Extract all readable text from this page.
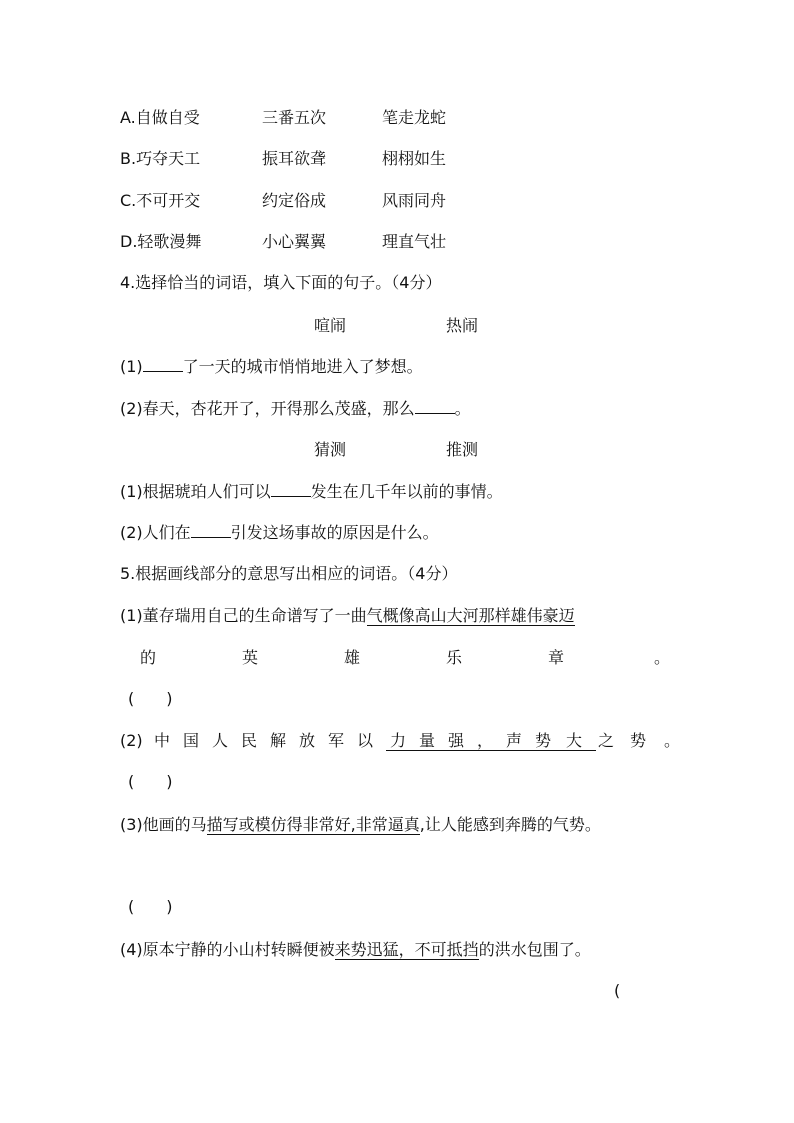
A.自做自受	三番五次	笔走龙蛇
B.巧夺天工	振耳欲聋	栩栩如生
C.不可开交	约定俗成	风雨同舟
D.轻歌漫舞	小心翼翼	理直气壮
4.选择恰当的词语，填入下面的句子。（4分）
喧闹	热闹
(1)	了一天的城市悄悄地进入了梦想。
(2)春天，杏花开了，开得那么茂盛，那么	。
猜测	推测
(1)根据琥珀人们可以	发生在几千年以前的事情。
(2)人们在	引发这场事故的原因是什么。
5.根据画线部分的意思写出相应的词语。（4分）
(1)董存瑞用自己的生命谱写了一曲气概像高山大河那样雄伟豪迈
的	英	雄	乐	章	。
(　　)
(2) 中 国 人 民 解 放 军 以 力 量 强 ， 声 势 大 之 势 。
(　　)
(3)他画的马描写或模仿得非常好,非常逼真,让人能感到奔腾的气势。
(　　)
(4)原本宁静的小山村转瞬便被来势迅猛，不可抵挡的洪水包围了。
(
